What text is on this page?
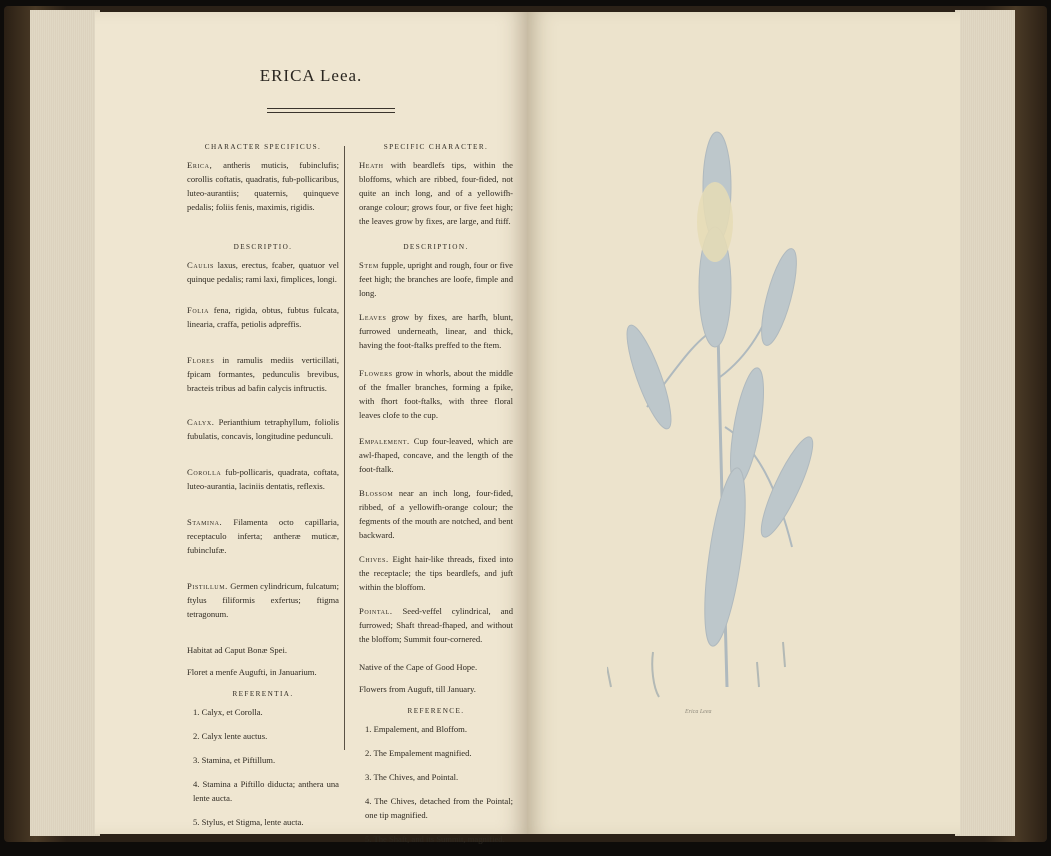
ERICA Leea.
CHARACTER SPECIFICUS.

Erica, antheris muticis, fubinclufis; corollis coftatis, quadratis, fub-pollicaribus, luteo-aurantiis; quaternis, quinqueve pedalis; foliis fenis, maximis, rigidis.

DESCRIPTIO.

Caulis laxus, erectus, fcaber, quatuor vel quinque pedalis; rami laxi, fimplices, longi.

Folia fena, rigida, obtus, fubtus fulcata, linearia, craffa, petiolis adpreffis.

Flores in ramulis mediis verticillati, fpicam formantes, pedunculis brevibus, bracteis tribus ad bafin calycis inftructis.

Calyx. Perianthium tetraphyllum, foliolis fubulatis, concavis, longitudine pedunculi.

Corolla fub-pollicaris, quadrata, coftata, luteo-aurantia, laciniis dentatis, reflexis.

Stamina. Filamenta octo capillaria, receptaculo inferta; antheræ muticæ, fubinclufæ.

Pistillum. Germen cylindricum, fulcatum; ftylus filiformis exfertus; ftigma tetragonum.

Habitat ad Caput Bonæ Spei.

Floret a menfe Augufti, in Januarium.

REFERENTIA.

1. Calyx, et Corolla.

2. Calyx lente auctus.

3. Stamina, et Piftillum.

4. Stamina a Piftillo diducta; anthera una lente aucta.

5. Stylus, et Stigma, lente aucta.

SPECIFIC CHARACTER.

Heath with beardlefs tips, within the bloffoms, which are ribbed, four-fided, not quite an inch long, and of a yellowifh-orange colour; grows four, or five feet high; the leaves grow by fixes, are large, and ftiff.

DESCRIPTION.

Stem fupple, upright and rough, four or five feet high; the branches are loofe, fimple and long.

Leaves grow by fixes, are harfh, blunt, furrowed underneath, linear, and thick, having the foot-ftalks preffed to the ftem.

Flowers grow in whorls, about the middle of the fmaller branches, forming a fpike, with fhort foot-ftalks, with three floral leaves clofe to the cup.

Empalement. Cup four-leaved, which are awl-fhaped, concave, and the length of the foot-ftalk.

Blossom near an inch long, four-fided, ribbed, of a yellowifh-orange colour; the fegments of the mouth are notched, and bent backward.

Chives. Eight hair-like threads, fixed into the receptacle; the tips beardlefs, and juft within the bloffom.

Pointal. Seed-veffel cylindrical, and furrowed; Shaft thread-fhaped, and without the bloffom; Summit four-cornered.

Native of the Cape of Good Hope.

Flowers from Auguft, till January.

REFERENCE.

1. Empalement, and Bloffom.

2. The Empalement magnified.

3. The Chives, and Pointal.

4. The Chives, detached from the Pointal; one tip magnified.

5. The Shaft, and its Summit, magnified.

Erica Leea
